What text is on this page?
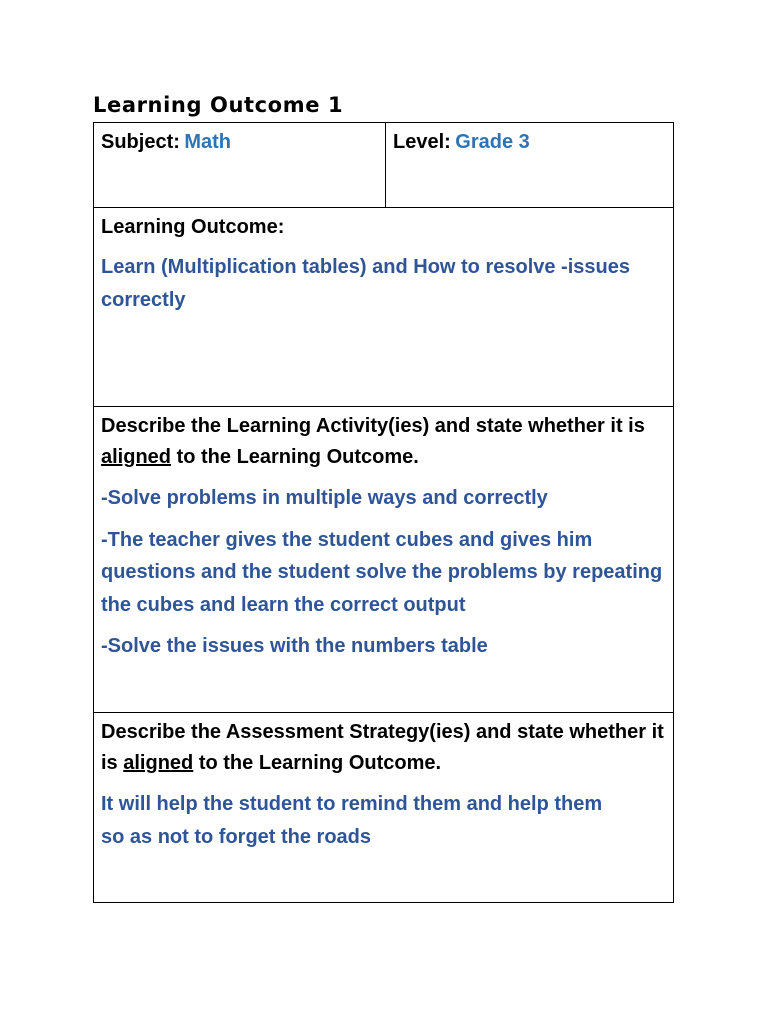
Learning Outcome 1
Subject: Math	Level: Grade 3
Learning Outcome:

Learn (Multiplication tables) and How to resolve -issues correctly

Describe the Learning Activity(ies) and state whether it is aligned to the Learning Outcome.

-Solve problems in multiple ways and correctly

-The teacher gives the student cubes and gives him questions and the student solve the problems by repeating the cubes and learn the correct output

-Solve the issues with the numbers table

Describe the Assessment Strategy(ies) and state whether it is aligned to the Learning Outcome.

It will help the student to remind them and help them so as not to forget the roads
